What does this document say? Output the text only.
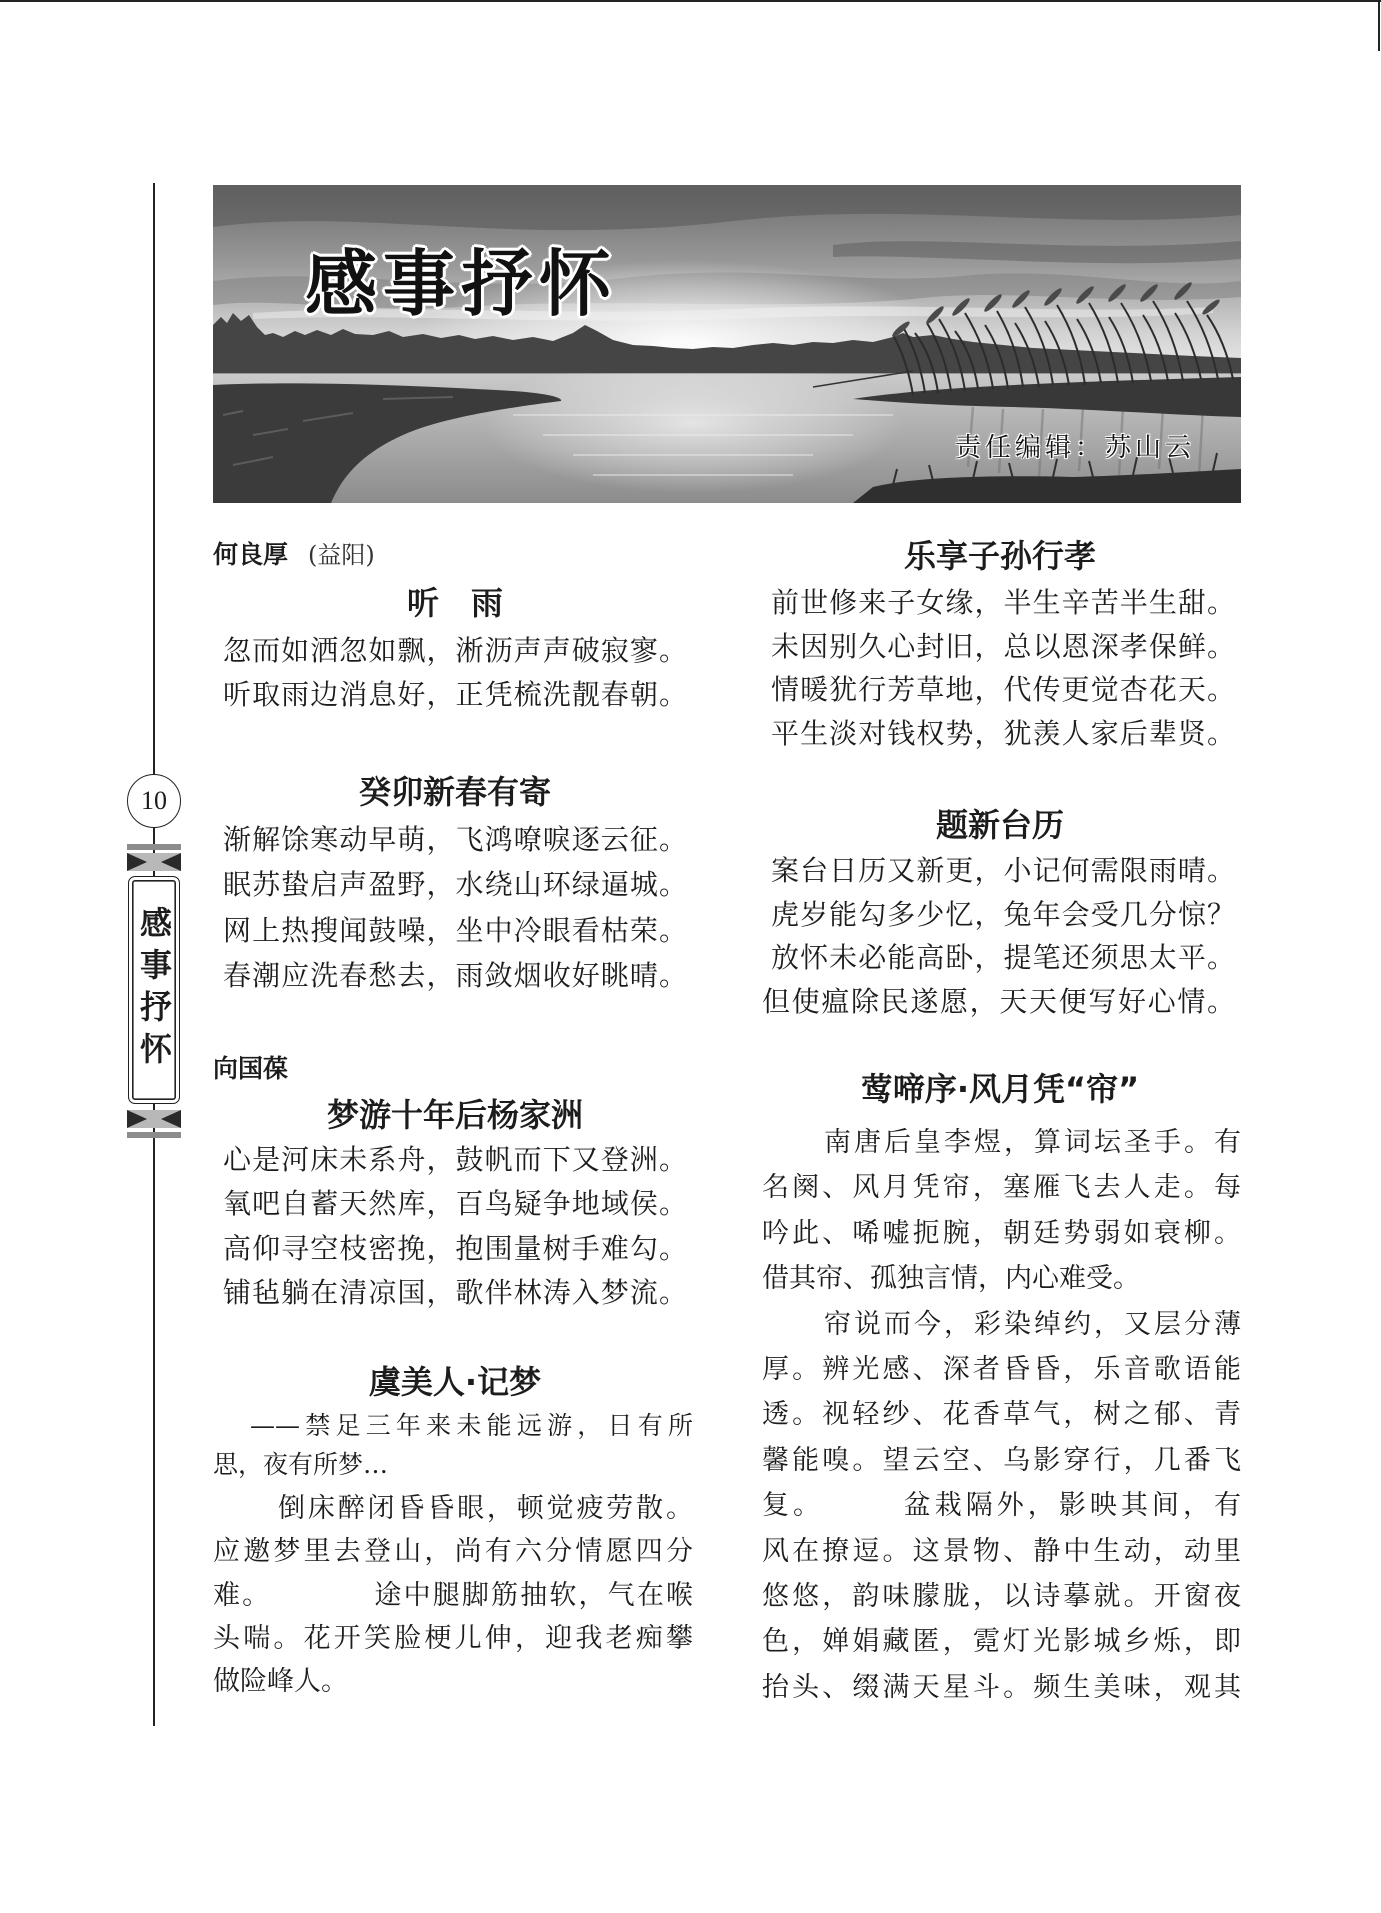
10
感事抒怀
感事抒怀
责任编辑：苏山云
何良厚 (益阳)
听　雨
忽而如洒忽如飘，淅沥声声破寂寥。
听取雨边消息好，正凭梳洗靓春朝。
癸卯新春有寄
渐解馀寒动早萌，飞鸿嘹唳逐云征。
眠苏蛰启声盈野，水绕山环绿逼城。
网上热搜闻鼓噪，坐中冷眼看枯荣。
春潮应洗春愁去，雨敛烟收好眺晴。
向国葆
梦游十年后杨家洲
心是河床未系舟，鼓帆而下又登洲。
氧吧自蓄天然库，百鸟疑争地域侯。
高仰寻空枝密挽，抱围量树手难勾。
铺毡躺在清凉国，歌伴林涛入梦流。
虞美人·记梦
——禁足三年来未能远游，日有所
思，夜有所梦…
倒床醉闭昏昏眼，顿觉疲劳散。
应邀梦里去登山，尚有六分情愿四分
难。　　　　途中腿脚筋抽软，气在喉
头喘。花开笑脸梗儿伸，迎我老痴攀
做险峰人。
乐享子孙行孝
前世修来子女缘，半生辛苦半生甜。
未因别久心封旧，总以恩深孝保鲜。
情暖犹行芳草地，代传更觉杏花天。
平生淡对钱权势，犹羡人家后辈贤。
题新台历
案台日历又新更，小记何需限雨晴。
虎岁能勾多少忆，兔年会受几分惊？
放怀未必能高卧，提笔还须思太平。
但使瘟除民遂愿，天天便写好心情。
莺啼序·风月凭“帘”
南唐后皇李煜，算词坛圣手。有
名阕、风月凭帘，塞雁飞去人走。每
吟此、唏嘘扼腕，朝廷势弱如衰柳。
借其帘、孤独言情，内心难受。
帘说而今，彩染绰约，又层分薄
厚。辨光感、深者昏昏，乐音歌语能
透。视轻纱、花香草气，树之郁、青
馨能嗅。望云空、乌影穿行，几番飞
复。　　　盆栽隔外，影映其间，有
风在撩逗。这景物、静中生动，动里
悠悠，韵味朦胧，以诗摹就。开窗夜
色，婵娟藏匿，霓灯光影城乡烁，即
抬头、缀满天星斗。频生美味，观其
